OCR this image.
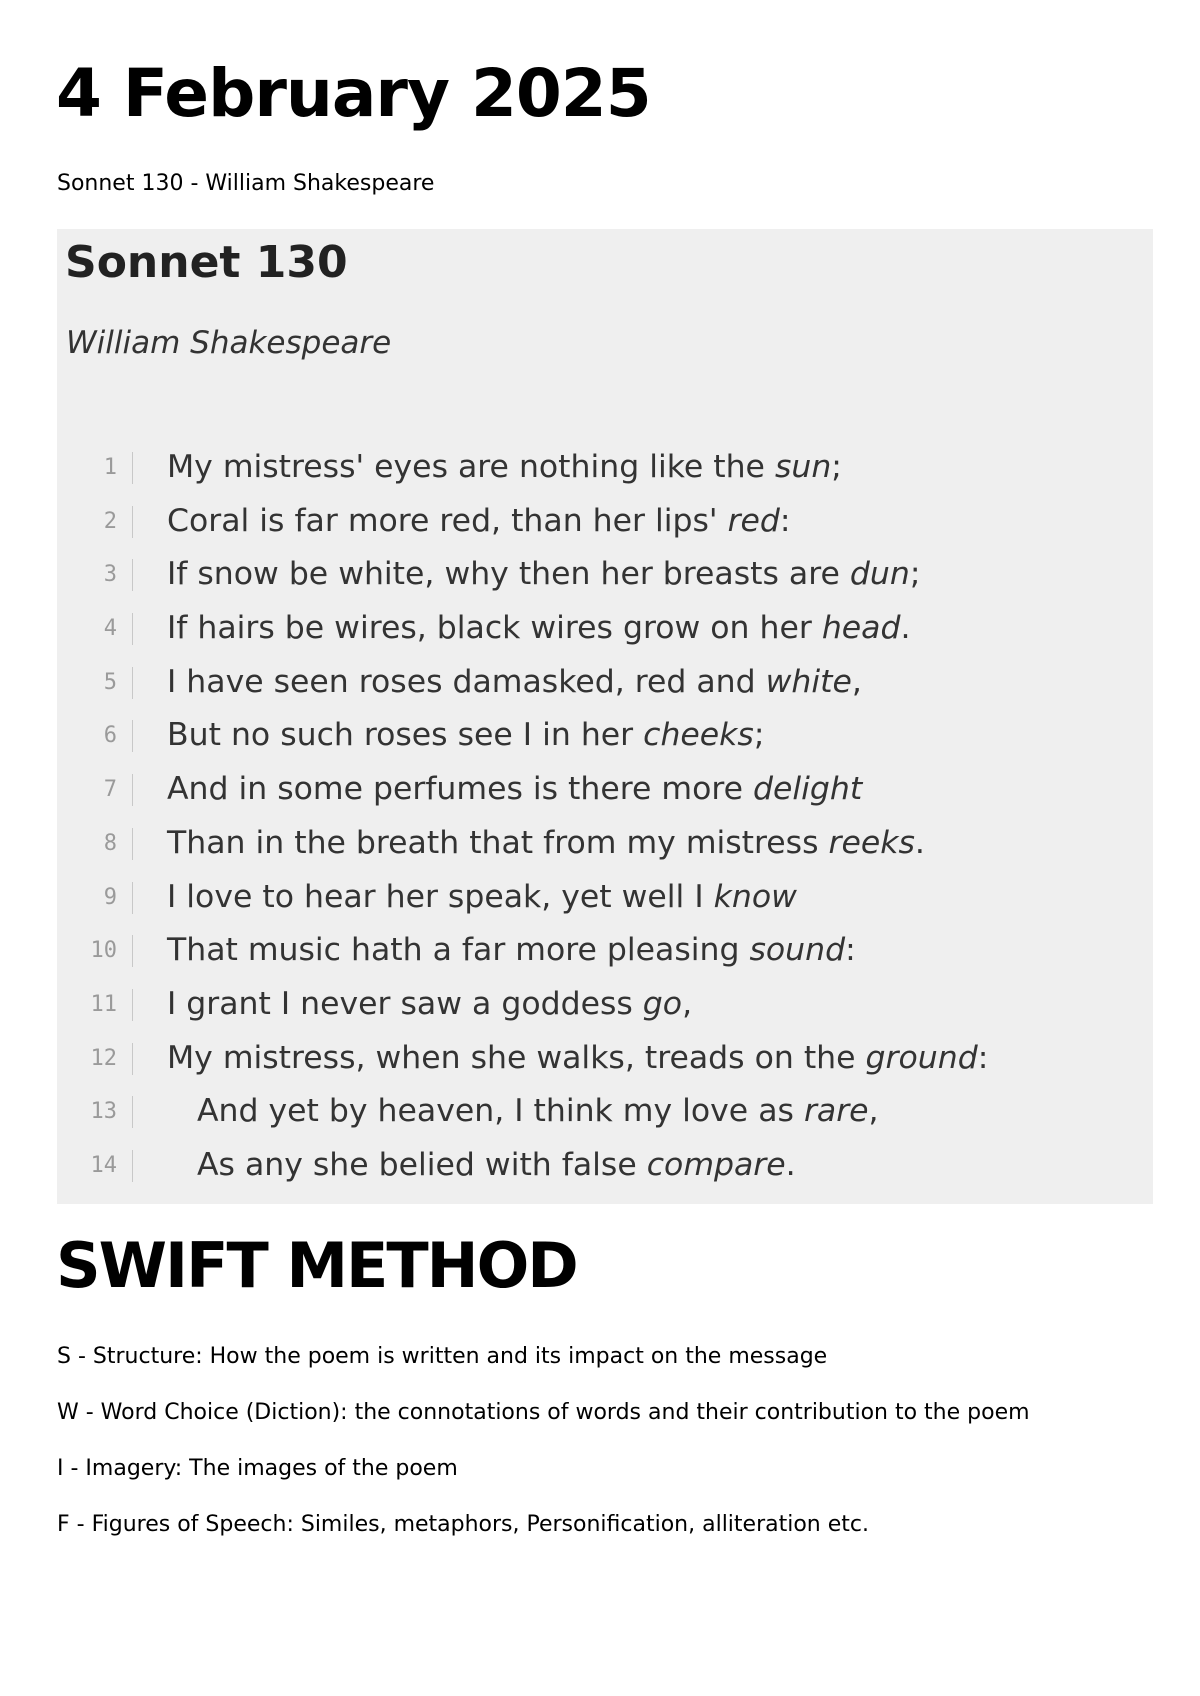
4 February 2025

Sonnet 130 - William Shakespeare

Sonnet 130

William Shakespeare

1 My mistress' eyes are nothing like the sun;
2 Coral is far more red, than her lips' red:
3 If snow be white, why then her breasts are dun;
4 If hairs be wires, black wires grow on her head.
5 I have seen roses damasked, red and white,
6 But no such roses see I in her cheeks;
7 And in some perfumes is there more delight
8 Than in the breath that from my mistress reeks.
9 I love to hear her speak, yet well I know
10 That music hath a far more pleasing sound:
11 I grant I never saw a goddess go,
12 My mistress, when she walks, treads on the ground:
13	And yet by heaven, I think my love as rare,
14	As any she belied with false compare.
SWIFT METHOD
S - Structure: How the poem is written and its impact on the message
W - Word Choice (Diction): the connotations of words and their contribution to the poem
I - Imagery: The images of the poem
F - Figures of Speech: Similes, metaphors, Personification, alliteration etc.
